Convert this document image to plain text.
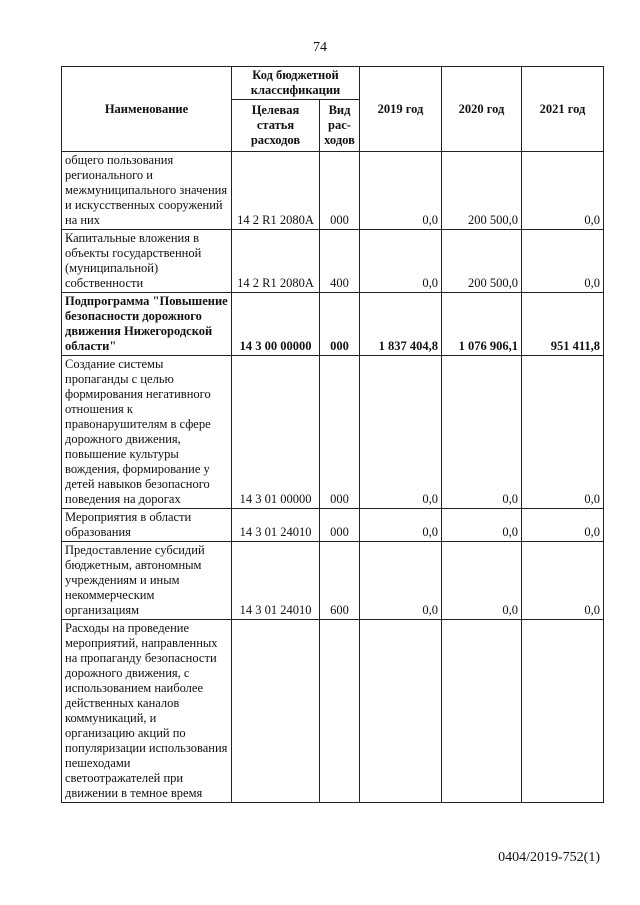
74
Наименование	Код бюджетной классификации		2019 год	2020 год	2021 год
	Целевая статья расходов	Вид рас- ходов			
общего пользования регионального и межмуниципального значения и искусственных сооружений на них	14 2 R1 2080A	000	0,0	200 500,0	0,0
Капитальные вложения в объекты государственной (муниципальной) собственности	14 2 R1 2080A	400	0,0	200 500,0	0,0
Подпрограмма "Повышение безопасности дорожного движения Нижегородской области"	14 3 00 00000	000	1 837 404,8	1 076 906,1	951 411,8
Создание системы пропаганды с целью формирования негативного отношения к правонарушителям в сфере дорожного движения, повышение культуры вождения, формирование у детей навыков безопасного поведения на дорогах	14 3 01 00000	000	0,0	0,0	0,0
Мероприятия в области образования	14 3 01 24010	000	0,0	0,0	0,0
Предоставление субсидий бюджетным, автономным учреждениям и иным некоммерческим организациям	14 3 01 24010	600	0,0	0,0	0,0
Расходы на проведение мероприятий, направленных на пропаганду безопасности дорожного движения, с использованием наиболее действенных каналов коммуникаций, и организацию акций по популяризации использования пешеходами светоотражателей при движении в темное время					
0404/2019-752(1)
